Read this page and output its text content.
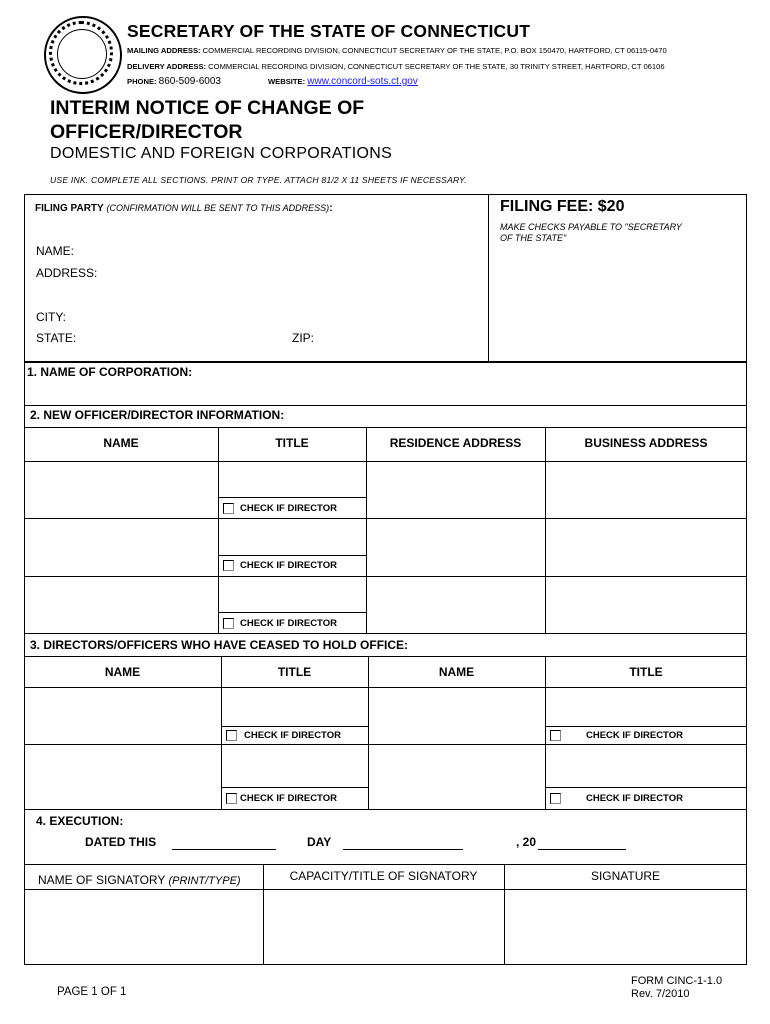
SECRETARY OF THE STATE OF CONNECTICUT
MAILING ADDRESS: COMMERCIAL RECORDING DIVISION, CONNECTICUT SECRETARY OF THE STATE, P.O. BOX 150470, HARTFORD, CT 06115-0470
DELIVERY ADDRESS: COMMERCIAL RECORDING DIVISION, CONNECTICUT SECRETARY OF THE STATE, 30 TRINITY STREET, HARTFORD, CT 06106
PHONE: 860-509-6003	WEBSITE: www.concord-sots.ct.gov
INTERIM NOTICE OF CHANGE OF
OFFICER/DIRECTOR
DOMESTIC AND FOREIGN CORPORATIONS
USE INK. COMPLETE ALL SECTIONS. PRINT OR TYPE. ATTACH 81/2 X 11 SHEETS IF NECESSARY.
FILING PARTY (CONFIRMATION WILL BE SENT TO THIS ADDRESS):
NAME:
ADDRESS:
CITY:
STATE:	ZIP:
FILING FEE: $20
MAKE CHECKS PAYABLE TO "SECRETARY
OF THE STATE"
1. NAME OF CORPORATION:
2. NEW OFFICER/DIRECTOR INFORMATION:
NAME	TITLE	RESIDENCE ADDRESS	BUSINESS ADDRESS
CHECK IF DIRECTOR
CHECK IF DIRECTOR
CHECK IF DIRECTOR
3. DIRECTORS/OFFICERS WHO HAVE CEASED TO HOLD OFFICE:
NAME	TITLE	NAME	TITLE
CHECK IF DIRECTOR	CHECK IF DIRECTOR
CHECK IF DIRECTOR	CHECK IF DIRECTOR
4. EXECUTION:
DATED THIS	DAY	, 20
NAME OF SIGNATORY (PRINT/TYPE)	CAPACITY/TITLE OF SIGNATORY	SIGNATURE
PAGE 1 OF 1
FORM CINC-1-1.0
Rev. 7/2010
